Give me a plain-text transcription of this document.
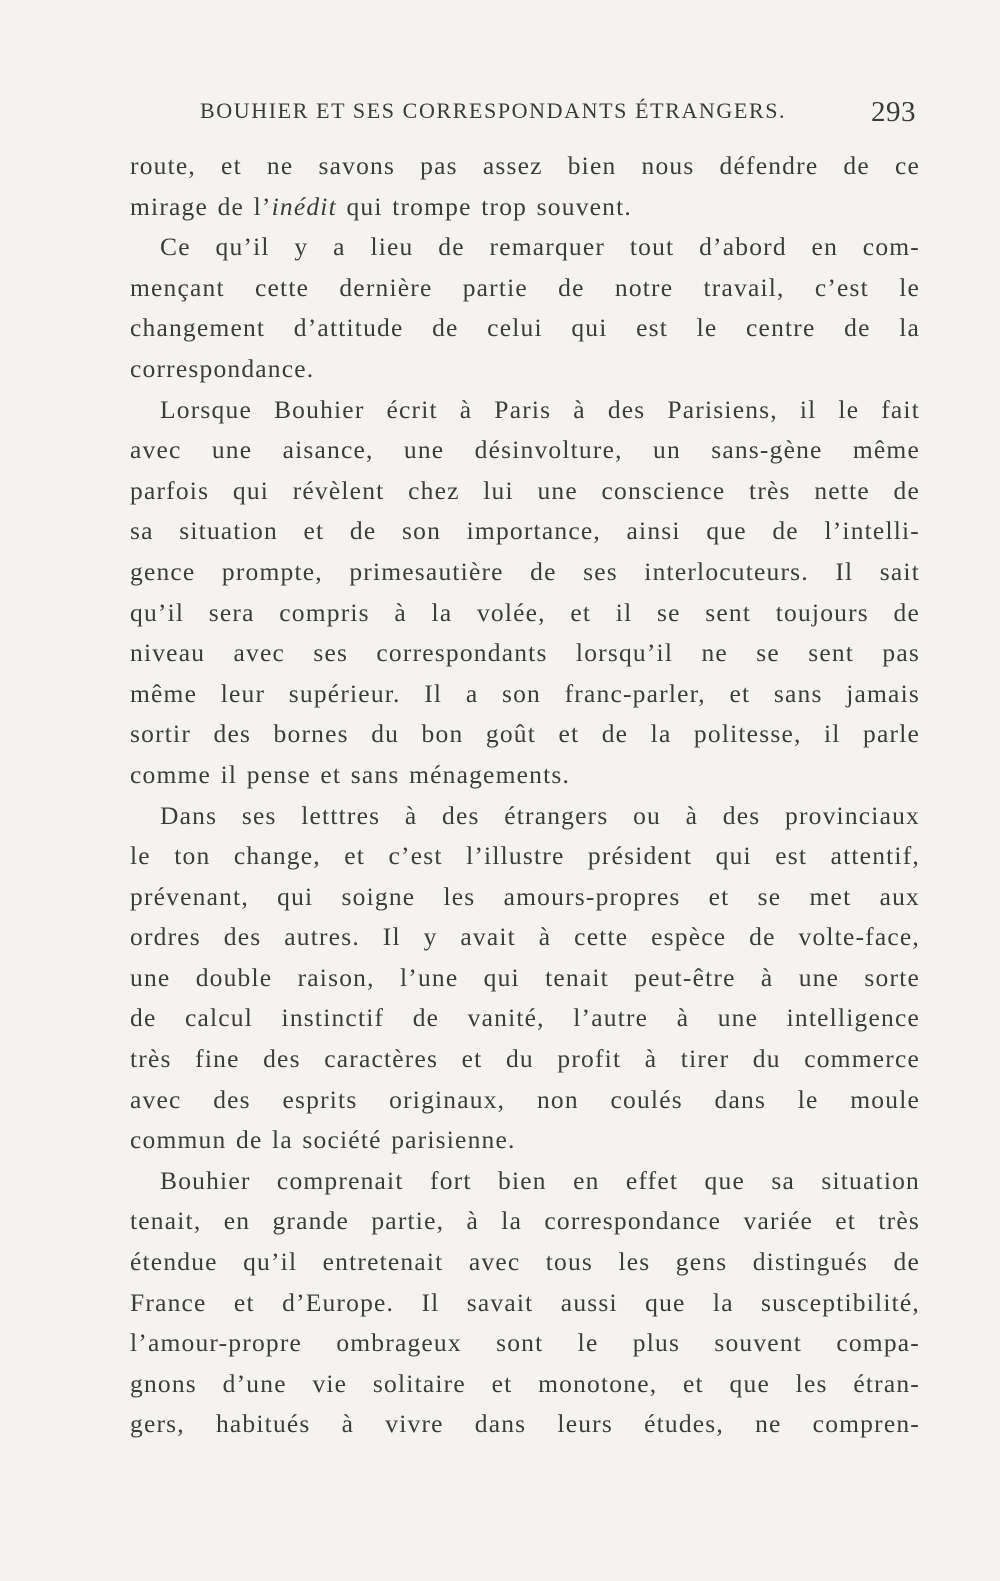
BOUHIER ET SES CORRESPONDANTS ÉTRANGERS.	293
route, et ne savons pas assez bien nous défendre de ce
mirage de l’inédit qui trompe trop souvent.
Ce qu’il y a lieu de remarquer tout d’abord en com-
mençant cette dernière partie de notre travail, c’est le
changement d’attitude de celui qui est le centre de la
correspondance.
Lorsque Bouhier écrit à Paris à des Parisiens, il le fait
avec une aisance, une désinvolture, un sans-gène même
parfois qui révèlent chez lui une conscience très nette de
sa situation et de son importance, ainsi que de l’intelli-
gence prompte, primesautière de ses interlocuteurs. Il sait
qu’il sera compris à la volée, et il se sent toujours de
niveau avec ses correspondants lorsqu’il ne se sent pas
même leur supérieur. Il a son franc-parler, et sans jamais
sortir des bornes du bon goût et de la politesse, il parle
comme il pense et sans ménagements.
Dans ses letttres à des étrangers ou à des provinciaux
le ton change, et c’est l’illustre président qui est attentif,
prévenant, qui soigne les amours-propres et se met aux
ordres des autres. Il y avait à cette espèce de volte-face,
une double raison, l’une qui tenait peut-être à une sorte
de calcul instinctif de vanité, l’autre à une intelligence
très fine des caractères et du profit à tirer du commerce
avec des esprits originaux, non coulés dans le moule
commun de la société parisienne.
Bouhier comprenait fort bien en effet que sa situation
tenait, en grande partie, à la correspondance variée et très
étendue qu’il entretenait avec tous les gens distingués de
France et d’Europe. Il savait aussi que la susceptibilité,
l’amour-propre ombrageux sont le plus souvent compa-
gnons d’une vie solitaire et monotone, et que les étran-
gers, habitués à vivre dans leurs études, ne compren-
